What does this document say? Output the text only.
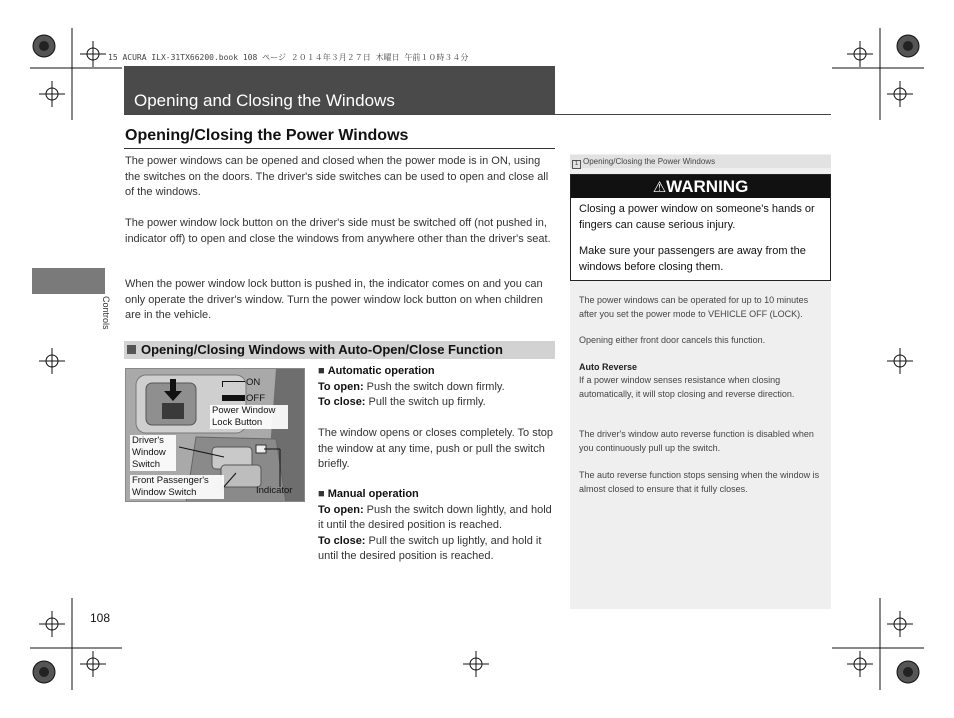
15 ACURA ILX-31TX66200.book 108 ページ ２０１４年３月２７日 木曜日 午前１０時３４分
Opening and Closing the Windows
Controls
Opening/Closing the Power Windows
The power windows can be opened and closed when the power mode is in ON, using the switches on the doors. The driver's side switches can be used to open and close all of the windows.
The power window lock button on the driver's side must be switched off (not pushed in, indicator off) to open and close the windows from anywhere other than the driver's seat.
When the power window lock button is pushed in, the indicator comes on and you can only operate the driver's window. Turn the power window lock button on when children are in the vehicle.
Opening/Closing Windows with Auto-Open/Close Function
ON
OFF
Power Window Lock Button
Driver's Window Switch
Front Passenger's Window Switch	Indicator
■ Automatic operation
To open: Push the switch down firmly.
To close: Pull the switch up firmly.
The window opens or closes completely. To stop the window at any time, push or pull the switch briefly.
■ Manual operation
To open: Push the switch down lightly, and hold it until the desired position is reached.
To close: Pull the switch up lightly, and hold it until the desired position is reached.
1 Opening/Closing the Power Windows
⚠WARNING
Closing a power window on someone's hands or fingers can cause serious injury.
Make sure your passengers are away from the windows before closing them.
The power windows can be operated for up to 10 minutes after you set the power mode to VEHICLE OFF (LOCK).
Opening either front door cancels this function.
Auto Reverse
If a power window senses resistance when closing automatically, it will stop closing and reverse direction.
The driver's window auto reverse function is disabled when you continuously pull up the switch.
The auto reverse function stops sensing when the window is almost closed to ensure that it fully closes.
108
